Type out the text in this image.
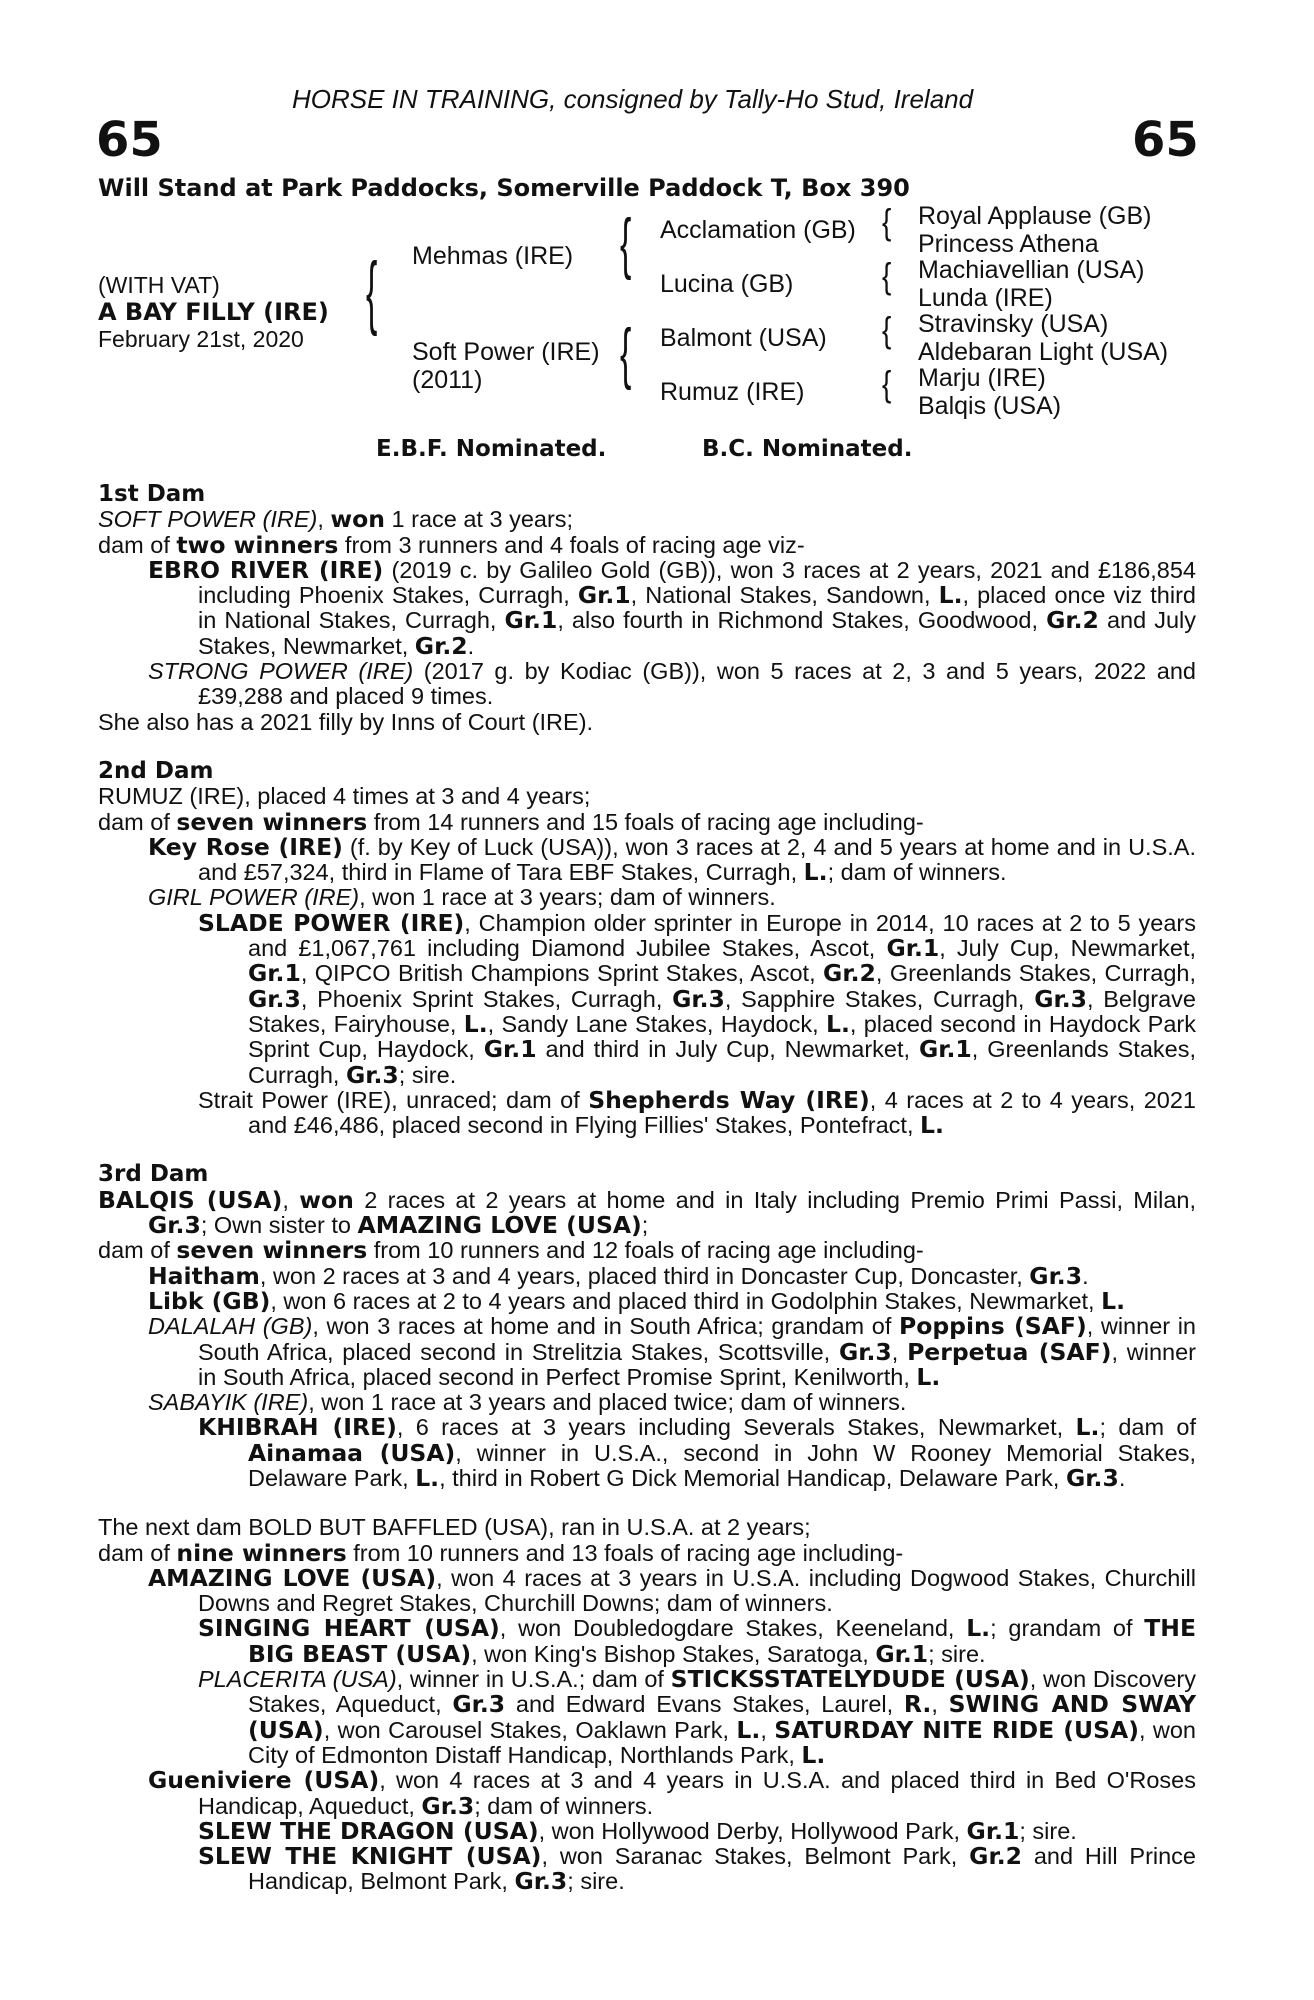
HORSE IN TRAINING, consigned by Tally-Ho Stud, Ireland
65	65
Will Stand at Park Paddocks, Somerville Paddock T, Box 390
(WITH VAT)
A BAY FILLY (IRE)
February 21st, 2020
{ Mehmas (IRE)
Soft Power (IRE)
(2011)
{ Acclamation (GB)
Lucina (GB)
{ Balmont (USA)
Rumuz (IRE)
{ Royal Applause (GB)
Princess Athena
{ Machiavellian (USA)
Lunda (IRE)
{ Stravinsky (USA)
Aldebaran Light (USA)
{ Marju (IRE)
Balqis (USA)
E.B.F. Nominated.	B.C. Nominated.
1st Dam

SOFT POWER (IRE), won 1 race at 3 years;

dam of two winners from 3 runners and 4 foals of racing age viz-

EBRO RIVER (IRE) (2019 c. by Galileo Gold (GB)), won 3 races at 2 years, 2021 and £186,854 including Phoenix Stakes, Curragh, Gr.1, National Stakes, Sandown, L., placed once viz third in National Stakes, Curragh, Gr.1, also fourth in Richmond Stakes, Goodwood, Gr.2 and July Stakes, Newmarket, Gr.2.

STRONG POWER (IRE) (2017 g. by Kodiac (GB)), won 5 races at 2, 3 and 5 years, 2022 and £39,288 and placed 9 times.

She also has a 2021 filly by Inns of Court (IRE).

2nd Dam

RUMUZ (IRE), placed 4 times at 3 and 4 years;

dam of seven winners from 14 runners and 15 foals of racing age including-

Key Rose (IRE) (f. by Key of Luck (USA)), won 3 races at 2, 4 and 5 years at home and in U.S.A. and £57,324, third in Flame of Tara EBF Stakes, Curragh, L.; dam of winners.

GIRL POWER (IRE), won 1 race at 3 years; dam of winners.

SLADE POWER (IRE), Champion older sprinter in Europe in 2014, 10 races at 2 to 5 years and £1,067,761 including Diamond Jubilee Stakes, Ascot, Gr.1, July Cup, Newmarket, Gr.1, QIPCO British Champions Sprint Stakes, Ascot, Gr.2, Greenlands Stakes, Curragh, Gr.3, Phoenix Sprint Stakes, Curragh, Gr.3, Sapphire Stakes, Curragh, Gr.3, Belgrave Stakes, Fairyhouse, L., Sandy Lane Stakes, Haydock, L., placed second in Haydock Park Sprint Cup, Haydock, Gr.1 and third in July Cup, Newmarket, Gr.1, Greenlands Stakes, Curragh, Gr.3; sire.

Strait Power (IRE), unraced; dam of Shepherds Way (IRE), 4 races at 2 to 4 years, 2021 and £46,486, placed second in Flying Fillies' Stakes, Pontefract, L.

3rd Dam

BALQIS (USA), won 2 races at 2 years at home and in Italy including Premio Primi Passi, Milan, Gr.3; Own sister to AMAZING LOVE (USA);

dam of seven winners from 10 runners and 12 foals of racing age including-

Haitham, won 2 races at 3 and 4 years, placed third in Doncaster Cup, Doncaster, Gr.3.

Libk (GB), won 6 races at 2 to 4 years and placed third in Godolphin Stakes, Newmarket, L.

DALALAH (GB), won 3 races at home and in South Africa; grandam of Poppins (SAF), winner in South Africa, placed second in Strelitzia Stakes, Scottsville, Gr.3, Perpetua (SAF), winner in South Africa, placed second in Perfect Promise Sprint, Kenilworth, L.

SABAYIK (IRE), won 1 race at 3 years and placed twice; dam of winners.

KHIBRAH (IRE), 6 races at 3 years including Severals Stakes, Newmarket, L.; dam of Ainamaa (USA), winner in U.S.A., second in John W Rooney Memorial Stakes, Delaware Park, L., third in Robert G Dick Memorial Handicap, Delaware Park, Gr.3.

The next dam BOLD BUT BAFFLED (USA), ran in U.S.A. at 2 years;

dam of nine winners from 10 runners and 13 foals of racing age including-

AMAZING LOVE (USA), won 4 races at 3 years in U.S.A. including Dogwood Stakes, Churchill Downs and Regret Stakes, Churchill Downs; dam of winners.

SINGING HEART (USA), won Doubledogdare Stakes, Keeneland, L.; grandam of THE BIG BEAST (USA), won King's Bishop Stakes, Saratoga, Gr.1; sire.

PLACERITA (USA), winner in U.S.A.; dam of STICKSSTATELYDUDE (USA), won Discovery Stakes, Aqueduct, Gr.3 and Edward Evans Stakes, Laurel, R., SWING AND SWAY (USA), won Carousel Stakes, Oaklawn Park, L., SATURDAY NITE RIDE (USA), won City of Edmonton Distaff Handicap, Northlands Park, L.

Gueniviere (USA), won 4 races at 3 and 4 years in U.S.A. and placed third in Bed O'Roses Handicap, Aqueduct, Gr.3; dam of winners.

SLEW THE DRAGON (USA), won Hollywood Derby, Hollywood Park, Gr.1; sire.

SLEW THE KNIGHT (USA), won Saranac Stakes, Belmont Park, Gr.2 and Hill Prince Handicap, Belmont Park, Gr.3; sire.
